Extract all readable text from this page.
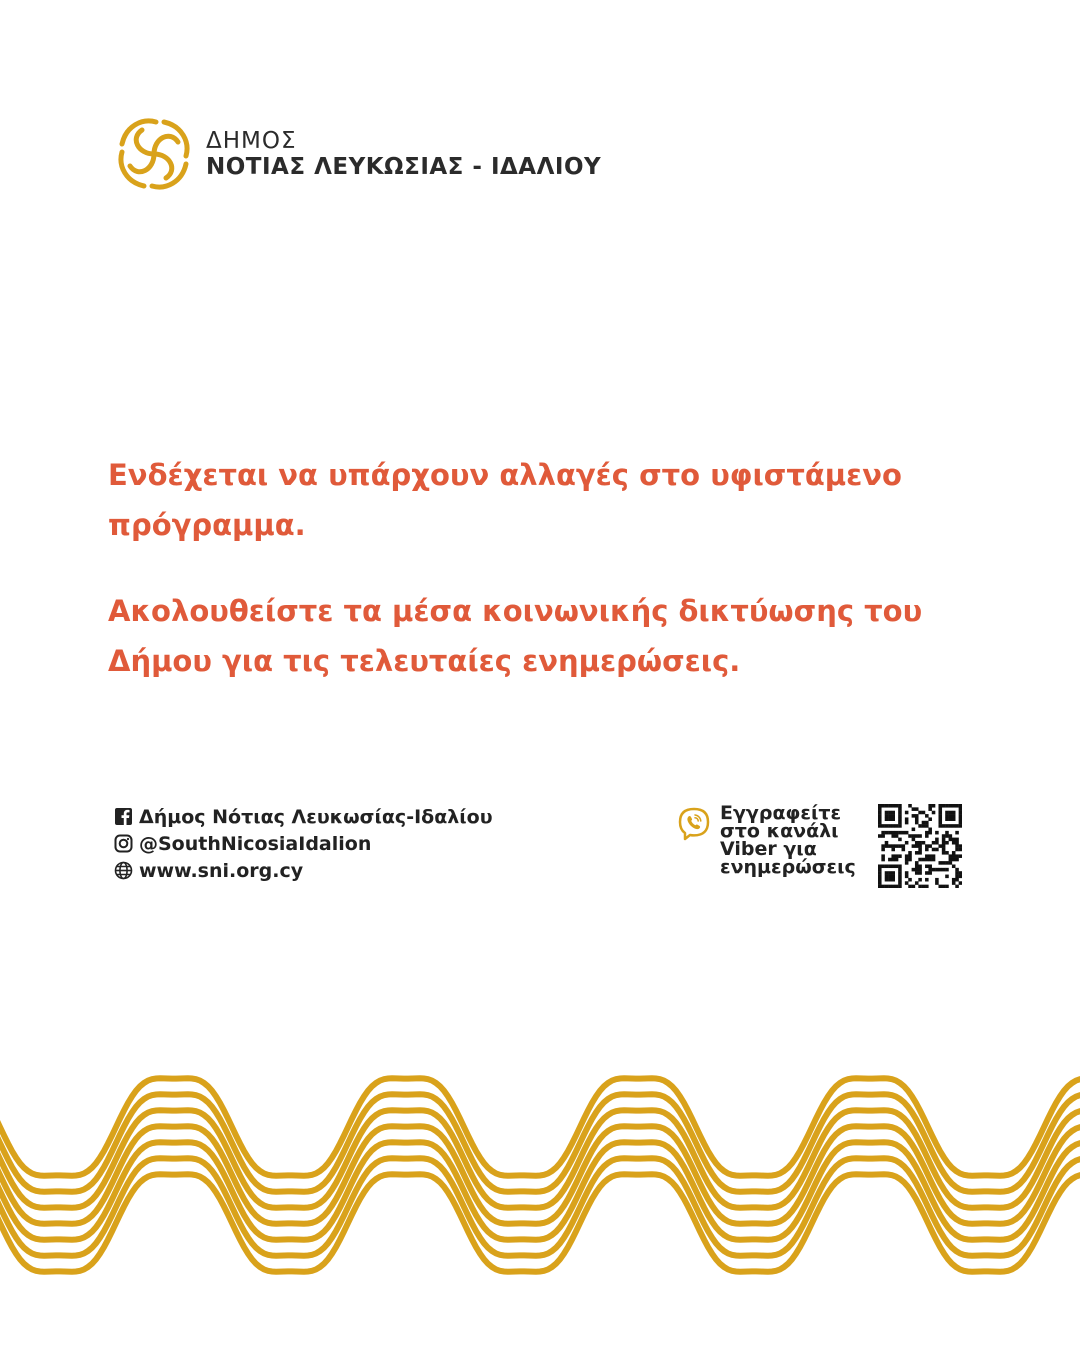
ΔΗΜΟΣ
ΝΟΤΙΑΣ ΛΕΥΚΩΣΙΑΣ - ΙΔΑΛΙΟΥ

Ενδέχεται να υπάρχουν αλλαγές στο υφιστάμενο πρόγραμμα.

Ακολουθείστε τα μέσα κοινωνικής δικτύωσης του Δήμου για τις τελευταίες ενημερώσεις.

Δήμος Νότιας Λευκωσίας-Ιδαλίου
@SouthNicosiaIdalion
www.sni.org.cy
Εγγραφείτε
στο κανάλι
Viber για
ενημερώσεις
